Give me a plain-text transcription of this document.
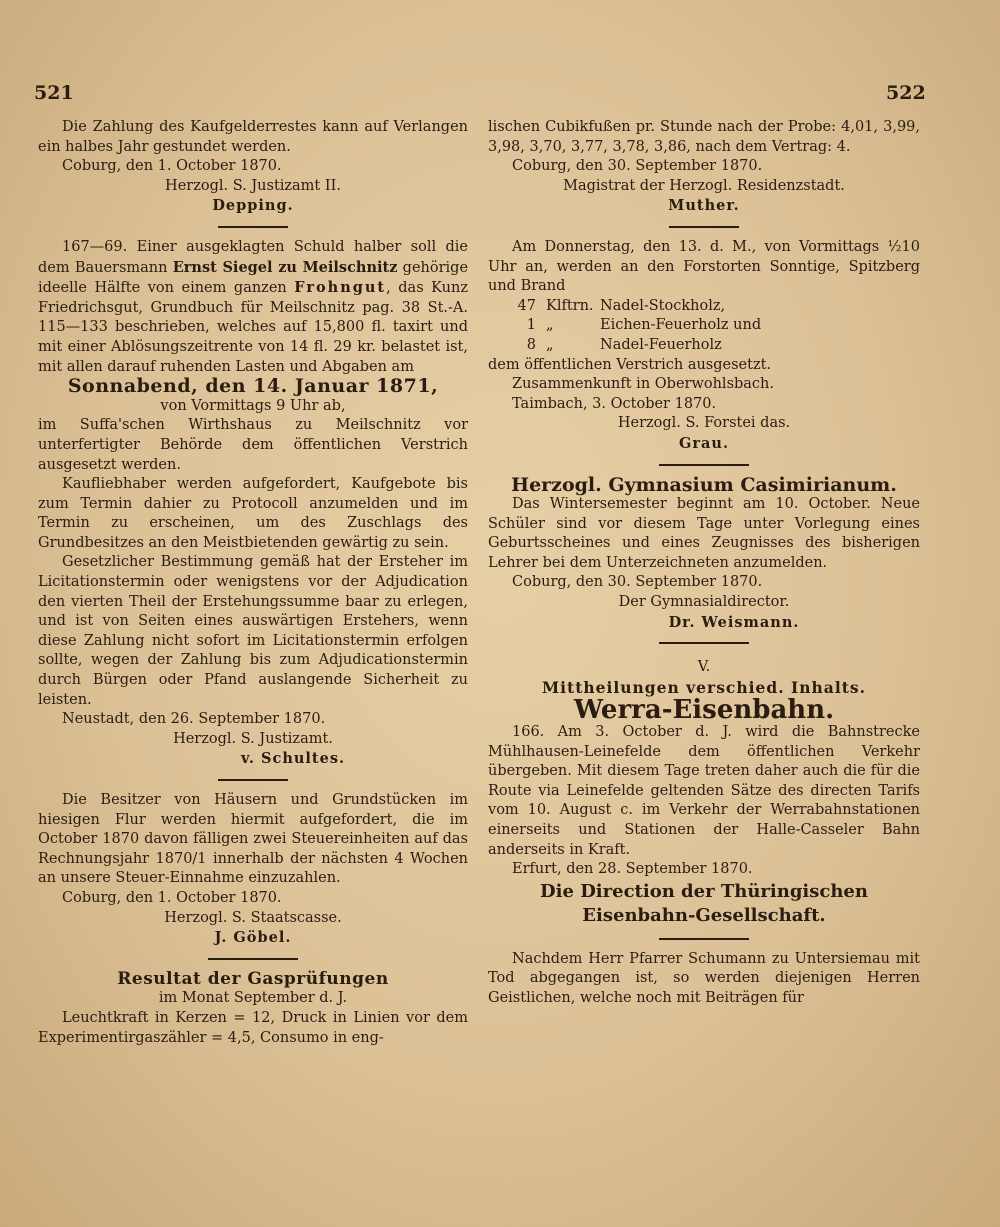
521	522

Die Zahlung des Kaufgelderrestes kann auf Verlangen ein halbes Jahr gestundet werden.

Coburg, den 1. October 1870.

Herzogl. S. Justizamt II.

Depping.

167—69. Einer ausgeklagten Schuld halber soll die dem Bauersmann Ernst Siegel zu Meilschnitz gehörige ideelle Hälfte von einem ganzen Frohngut, das Kunz Friedrichsgut, Grundbuch für Meilschnitz pag. 38 St.-A. 115—133 beschrieben, welches auf 15,800 fl. taxirt und mit einer Ablösungszeitrente von 14 fl. 29 kr. belastet ist, mit allen darauf ruhenden Lasten und Abgaben am

Sonnabend, den 14. Januar 1871,

von Vormittags 9 Uhr ab,

im Suffa'schen Wirthshaus zu Meilschnitz vor unterfertigter Behörde dem öffentlichen Verstrich ausgesetzt werden.

Kaufliebhaber werden aufgefordert, Kaufgebote bis zum Termin dahier zu Protocoll anzumelden und im Termin zu erscheinen, um des Zuschlags des Grundbesitzes an den Meistbietenden gewärtig zu sein.

Gesetzlicher Bestimmung gemäß hat der Ersteher im Licitationstermin oder wenigstens vor der Adjudication den vierten Theil der Erstehungssumme baar zu erlegen, und ist von Seiten eines auswärtigen Erstehers, wenn diese Zahlung nicht sofort im Licitationstermin erfolgen sollte, wegen der Zahlung bis zum Adjudicationstermin durch Bürgen oder Pfand auslangende Sicherheit zu leisten.

Neustadt, den 26. September 1870.

Herzogl. S. Justizamt.

v. Schultes.

Die Besitzer von Häusern und Grundstücken im hiesigen Flur werden hiermit aufgefordert, die im October 1870 davon fälligen zwei Steuereinheiten auf das Rechnungsjahr 1870/1 innerhalb der nächsten 4 Wochen an unsere Steuer-Einnahme einzuzahlen.

Coburg, den 1. October 1870.

Herzogl. S. Staatscasse.

J. Göbel.

Resultat der Gasprüfungen

im Monat September d. J.

Leuchtkraft in Kerzen = 12, Druck in Linien vor dem Experimentirgaszähler = 4,5, Consumo in eng-

lischen Cubikfußen pr. Stunde nach der Probe: 4,01, 3,99, 3,98, 3,70, 3,77, 3,78, 3,86, nach dem Vertrag: 4.

Coburg, den 30. September 1870.

Magistrat der Herzogl. Residenzstadt.

Muther.

Am Donnerstag, den 13. d. M., von Vormittags ½10 Uhr an, werden an den Forstorten Sonntige, Spitzberg und Brand

47 Klftrn. Nadel-Stockholz,
1 „	Eichen-Feuerholz und
8 „	Nadel-Feuerholz

dem öffentlichen Verstrich ausgesetzt.

Zusammenkunft in Oberwohlsbach.

Taimbach, 3. October 1870.

Herzogl. S. Forstei das.

Grau.

Herzogl. Gymnasium Casimirianum.

Das Wintersemester beginnt am 10. October. Neue Schüler sind vor diesem Tage unter Vorlegung eines Geburtsscheines und eines Zeugnisses des bisherigen Lehrer bei dem Unterzeichneten anzumelden.

Coburg, den 30. September 1870.

Der Gymnasialdirector.

Dr. Weismann.

V.

Mittheilungen verschied. Inhalts.

Werra-Eisenbahn.

166. Am 3. October d. J. wird die Bahnstrecke Mühlhausen-Leinefelde dem öffentlichen Verkehr übergeben. Mit diesem Tage treten daher auch die für die Route via Leinefelde geltenden Sätze des directen Tarifs vom 10. August c. im Verkehr der Werrabahnstationen einerseits und Stationen der Halle-Casseler Bahn anderseits in Kraft.

Erfurt, den 28. September 1870.

Die Direction der Thüringischen Eisenbahn-Gesellschaft.

Nachdem Herr Pfarrer Schumann zu Untersiemau mit Tod abgegangen ist, so werden diejenigen Herren Geistlichen, welche noch mit Beiträgen für
